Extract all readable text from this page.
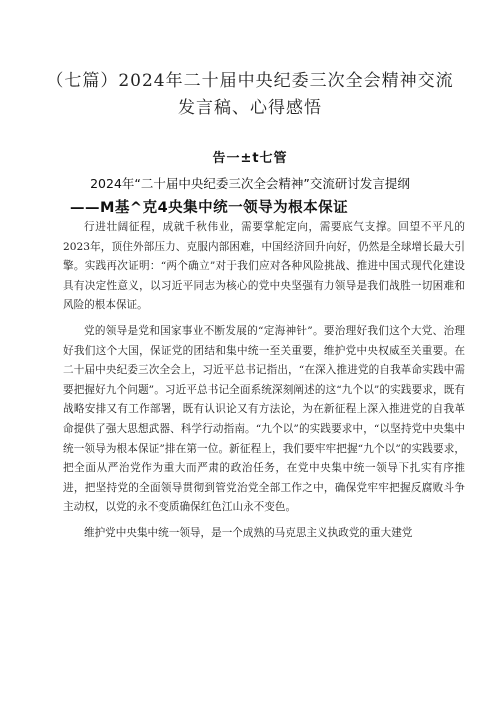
（七篇）2024年二十届中央纪委三次全会精神交流发言稿、心得感悟
告一±t七管
2024年“二十届中央纪委三次全会精神”交流研讨发言提纲
——M基^克4央集中统一领导为根本保证

行进壮阔征程，成就千秋伟业，需要掌舵定向，需要底气支撑。回望不平凡的2023年，顶住外部压力、克服内部困难，中国经济回升向好，仍然是全球增长最大引擎。实践再次证明：“两个确立”对于我们应对各种风险挑战、推进中国式现代化建设具有决定性意义，以习近平同志为核心的党中央坚强有力领导是我们战胜一切困难和风险的根本保证。

党的领导是党和国家事业不断发展的“定海神针”。要治理好我们这个大党、治理好我们这个大国，保证党的团结和集中统一至关重要，维护党中央权威至关重要。在二十届中央纪委三次全会上，习近平总书记指出，“在深入推进党的自我革命实践中需要把握好九个问题”。习近平总书记全面系统深刻阐述的这“九个以”的实践要求，既有战略安排又有工作部署，既有认识论又有方法论，为在新征程上深入推进党的自我革命提供了强大思想武器、科学行动指南。“九个以”的实践要求中，“以坚持党中央集中统一领导为根本保证”排在第一位。新征程上，我们要牢牢把握“九个以”的实践要求，把全面从严治党作为重大而严肃的政治任务，在党中央集中统一领导下扎实有序推进，把坚持党的全面领导贯彻到管党治党全部工作之中，确保党牢牢把握反腐败斗争主动权，以党的永不变质确保红色江山永不变色。

维护党中央集中统一领导，是一个成熟的马克思主义执政党的重大建党
